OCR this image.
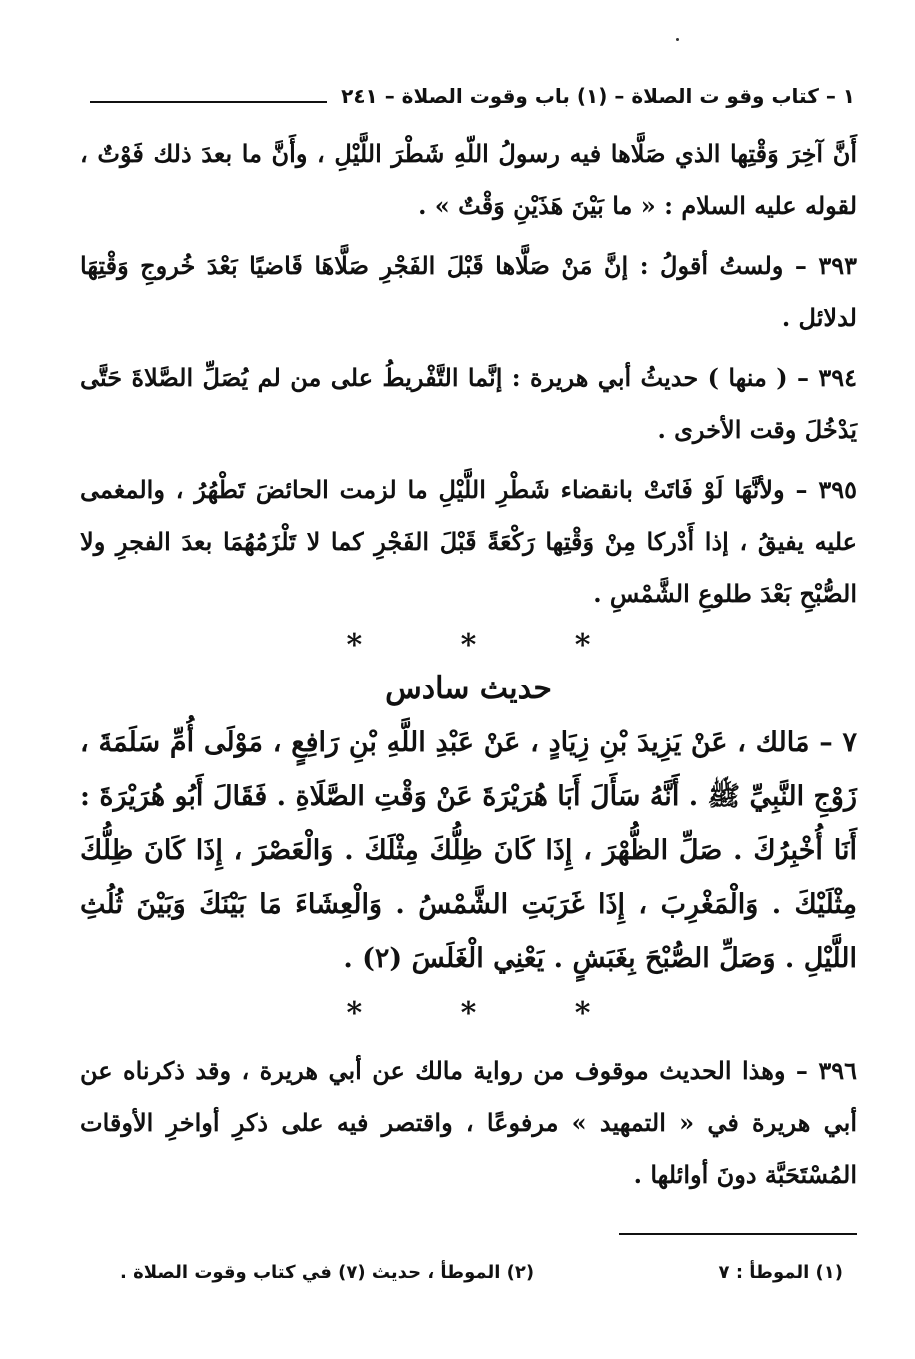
١ – كتاب وقو ت الصلاة – (١) باب وقوت الصلاة – ٢٤١

أَنَّ آخِرَ وَقْتِها الذي صَلَّاها فيه رسولُ اللّهِ شَطْرَ اللَّيْلِ ، وأَنَّ ما بعدَ ذلك فَوْتٌ ، لقوله عليه السلام : « ما بَيْنَ هَذَيْنِ وَقْتٌ » .

٣٩٣ – ولستُ أقولُ : إنَّ مَنْ صَلَّاها قَبْلَ الفَجْرِ صَلَّاهَا قَاضيًا بَعْدَ خُروجِ وَقْتِهَا لدلائل .

٣٩٤ – ( منها ) حديثُ أبي هريرة : إنَّما التَّفْريطُ على من لم يُصَلِّ الصَّلاةَ حَتَّى يَدْخُلَ وقت الأخرى .

٣٩٥ – ولأنَّهَا لَوْ فَاتَتْ بانقضاء شَطْرِ اللَّيْلِ ما لزمت الحائضَ تَطْهُرُ ، والمغمى عليه يفيقُ ، إذا أَدْركا مِنْ وَقْتِها رَكْعَةً قَبْلَ الفَجْرِ كما لا تَلْزَمُهُمَا بعدَ الفجرِ ولا الصُّبْحِ بَعْدَ طلوعِ الشَّمْسِ .

* * *
حديث سادس

٧ – مَالك ، عَنْ يَزِيدَ بْنِ زِيَادٍ ، عَنْ عَبْدِ اللَّهِ بْنِ رَافِعٍ ، مَوْلَى أُمِّ سَلَمَةَ ، زَوْجِ النَّبِيِّ ﷺ . أَنَّهُ سَأَلَ أَبَا هُرَيْرَةَ عَنْ وَقْتِ الصَّلَاةِ . فَقَالَ أَبُو هُرَيْرَةَ : أَنَا أُخْبِرُكَ . صَلِّ الظُّهْرَ ، إِذَا كَانَ ظِلُّكَ مِثْلَكَ . وَالْعَصْرَ ، إِذَا كَانَ ظِلُّكَ مِثْلَيْكَ . وَالْمَغْرِبَ ، إِذَا غَرَبَتِ الشَّمْسُ . وَالْعِشَاءَ مَا بَيْنَكَ وَبَيْنَ ثُلُثِ اللَّيْلِ . وَصَلِّ الصُّبْحَ بِغَبَشٍ . يَعْنِي الْغَلَسَ (٢) .

* * *

٣٩٦ – وهذا الحديث موقوف من رواية مالك عن أبي هريرة ، وقد ذكرناه عن أبي هريرة في « التمهيد » مرفوعًا ، واقتصر فيه على ذكرِ أواخرِ الأوقات المُسْتَحَبَّة دونَ أوائلها .

(١) الموطأ : ٧
(٢) الموطأ ، حديث (٧) في كتاب وقوت الصلاة .
